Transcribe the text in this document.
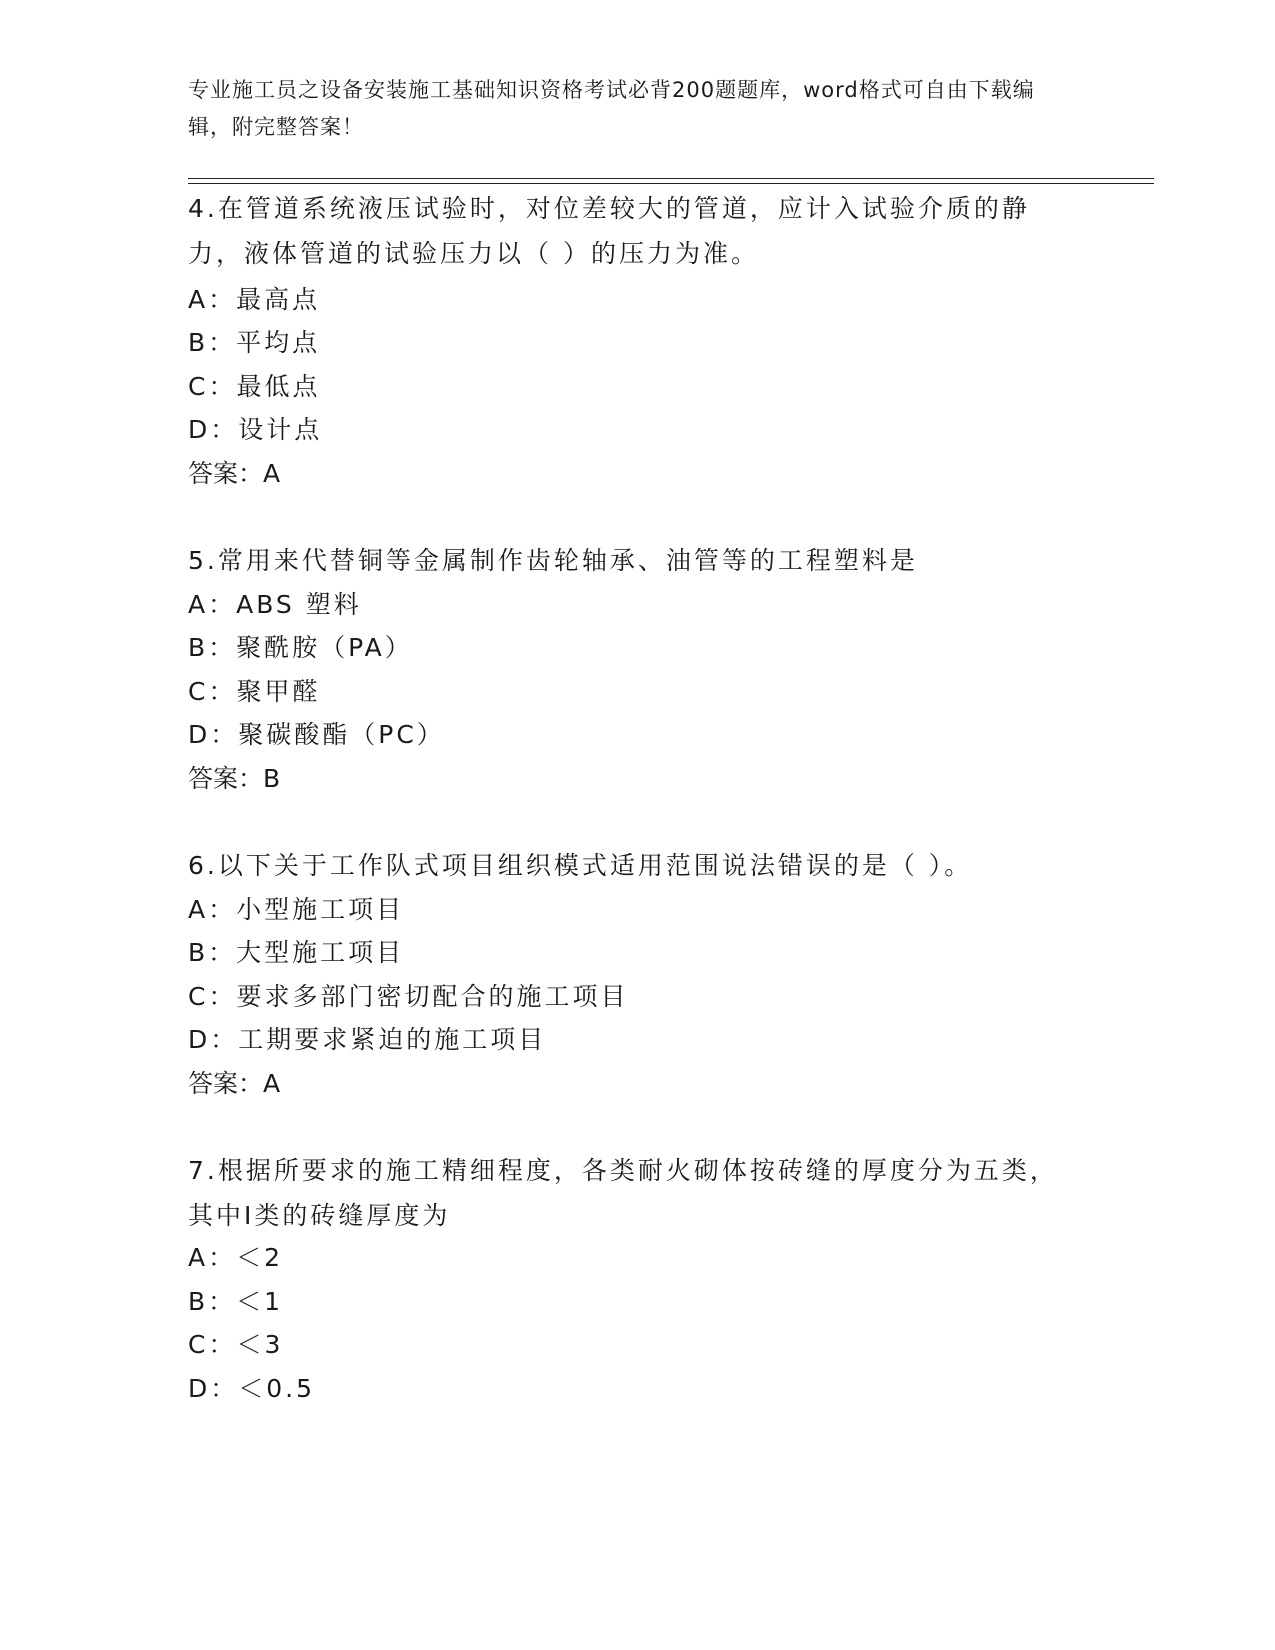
专业施工员之设备安装施工基础知识资格考试必背200题题库，word格式可自由下载编辑，附完整答案！
4.在管道系统液压试验时，对位差较大的管道，应计入试验介质的静力，液体管道的试验压力以（ ）的压力为准。
A：最高点
B：平均点
C：最低点
D：设计点
答案：A
5.常用来代替铜等金属制作齿轮轴承、油管等的工程塑料是
A：ABS 塑料
B：聚酰胺（PA）
C：聚甲醛
D：聚碳酸酯（PC）
答案：B
6.以下关于工作队式项目组织模式适用范围说法错误的是（ ）。
A：小型施工项目
B：大型施工项目
C：要求多部门密切配合的施工项目
D：工期要求紧迫的施工项目
答案：A
7.根据所要求的施工精细程度，各类耐火砌体按砖缝的厚度分为五类，其中Ⅰ类的砖缝厚度为
A：＜2
B：＜1
C：＜3
D：＜0.5
